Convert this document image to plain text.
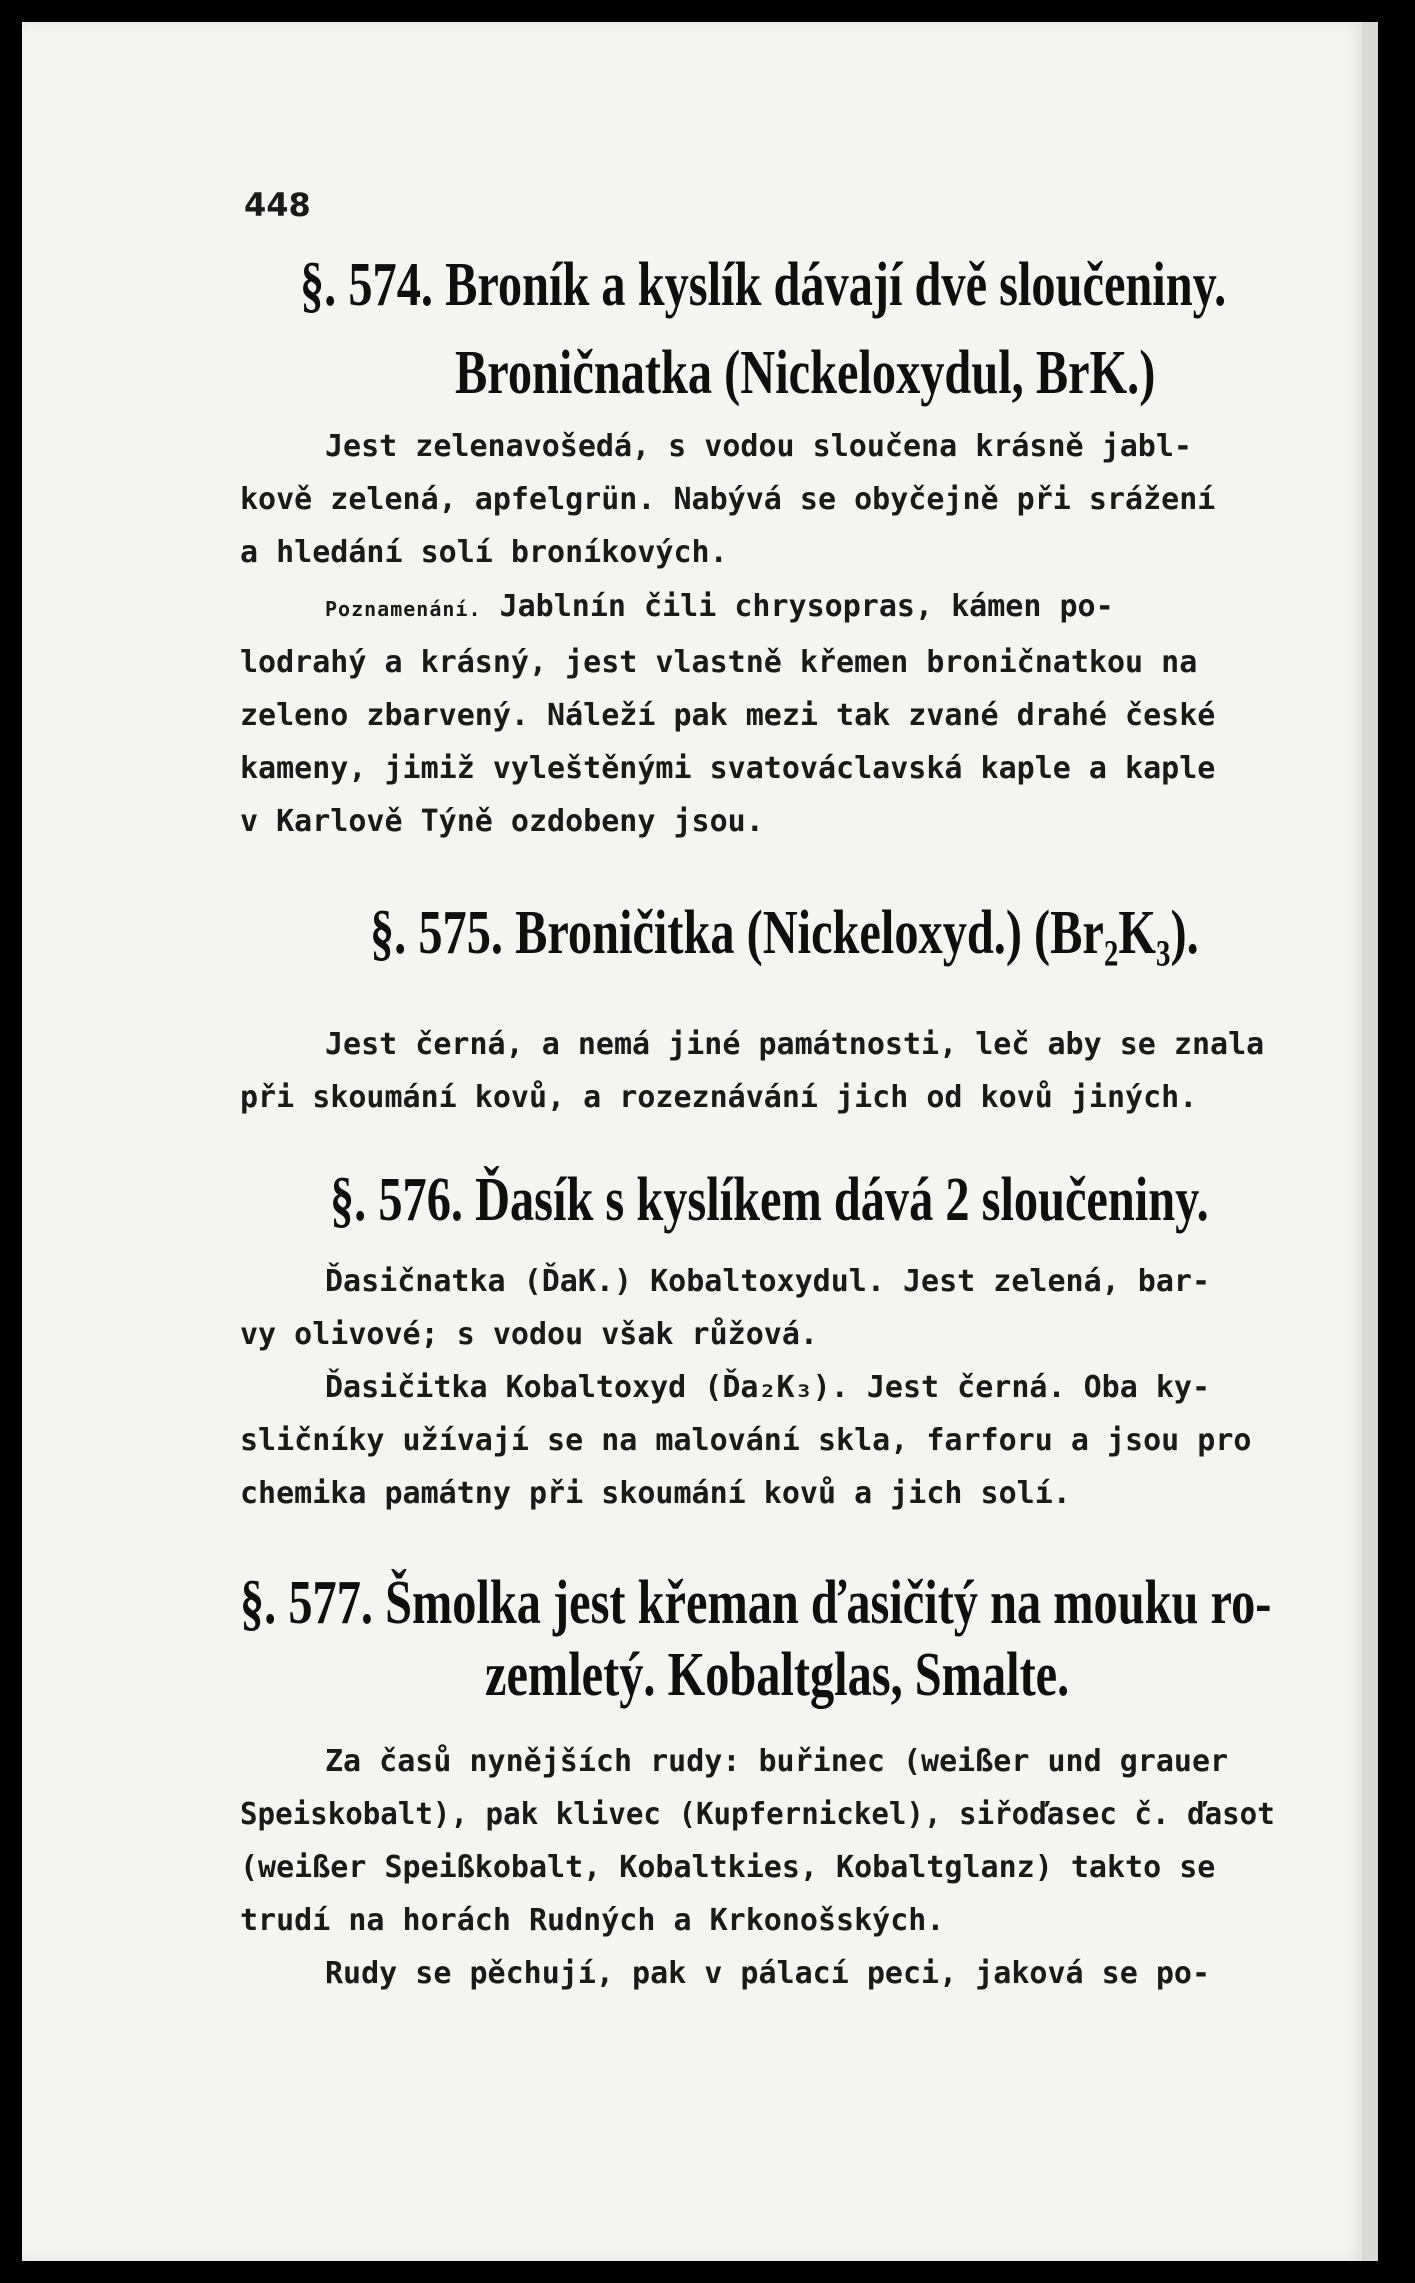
448
§. 574. Broník a kyslík dávají dvě sloučeniny.
Broničnatka (Nickeloxydul, BrK.)

Jest zelenavošedá, s vodou sloučena krásně jabl-
kově zelená, apfelgrün. Nabývá se obyčejně při srážení
a hledání solí broníkových.

Poznamenání. Jablnín čili chrysopras, kámen po-
lodrahý a krásný, jest vlastně křemen broničnatkou na
zeleno zbarvený. Náleží pak mezi tak zvané drahé české
kameny, jimiž vyleštěnými svatováclavská kaple a kaple
v Karlově Týně ozdobeny jsou.

§. 575. Broničitka (Nickeloxyd.) (Br₂K₃).

Jest černá, a nemá jiné památnosti, leč aby se znala
při skoumání kovů, a rozeznávání jich od kovů jiných.

§. 576. Ďasík s kyslíkem dává 2 sloučeniny.

Ďasičnatka (ĎaK.) Kobaltoxydul. Jest zelená, bar-
vy olivové; s vodou však růžová.
Ďasičitka Kobaltoxyd (Ďa₂K₃). Jest černá. Oba ky-
sličníky užívají se na malování skla, farforu a jsou pro
chemika památny při skoumání kovů a jich solí.

§. 577. Šmolka jest křeman ďasičitý na mouku ro-
zemletý. Kobaltglas, Smalte.

Za časů nynějších rudy: buřinec (weißer und grauer
Speiskobalt), pak klivec (Kupfernickel), siřoďasec č. ďasot
(weißer Speißkobalt, Kobaltkies, Kobaltglanz) takto se
trudí na horách Rudných a Krkonošských.
Rudy se pěchují, pak v pálací peci, jaková se po-
